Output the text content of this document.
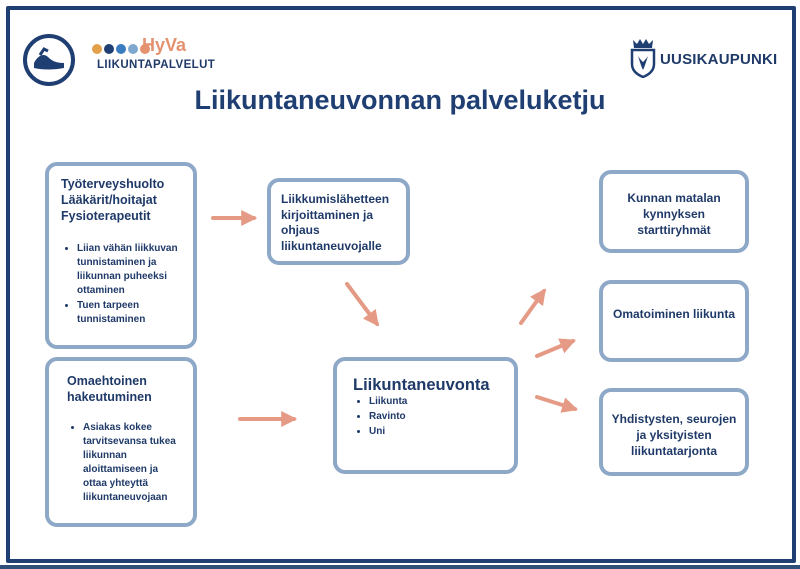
HyVa
LIIKUNTAPALVELUT	UUSIKAUPUNKI
Liikuntaneuvonnan palveluketju
Työterveyshuolto
Lääkärit/hoitajat
Fysioterapeutit
• Liian vähän liikkuvan tunnistaminen ja liikunnan puheeksi ottaminen
• Tuen tarpeen tunnistaminen
Omaehtoinen
hakeutuminen
• Asiakas kokee tarvitsevansa tukea liikunnan aloittamiseen ja ottaa yhteyttä liikuntaneuvojaan
Liikkumislähetteen kirjoittaminen ja ohjaus liikuntaneuvojalle
Liikuntaneuvonta
• Liikunta
• Ravinto
• Uni
Kunnan matalan kynnyksen starttiryhmät
Omatoiminen liikunta
Yhdistysten, seurojen ja yksityisten liikuntatarjonta
